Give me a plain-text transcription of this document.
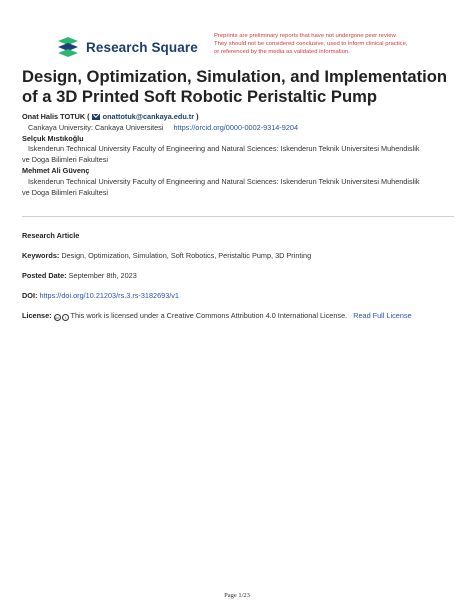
Research Square
Preprints are preliminary reports that have not undergone peer review.
They should not be considered conclusive, used to inform clinical practice,
or referenced by the media as validated information.
Design, Optimization, Simulation, and Implementation of a 3D Printed Soft Robotic Peristaltic Pump
Onat Halis TOTUK ( onattotuk@cankaya.edu.tr )
Cankaya University: Cankaya Universitesi https://orcid.org/0000-0002-9314-9204
Selçuk Mıstıkoğlu
Iskenderun Technical University Faculty of Engineering and Natural Sciences: Iskenderun Teknik Universitesi Muhendislik
ve Doga Bilimleri Fakultesi
Mehmet Ali Güvenç
Iskenderun Technical University Faculty of Engineering and Natural Sciences: Iskenderun Teknik Universitesi Muhendislik
ve Doga Bilimleri Fakultesi
Research Article
Keywords: Design, Optimization, Simulation, Soft Robotics, Peristaltic Pump, 3D Printing
Posted Date: September 8th, 2023
DOI: https://doi.org/10.21203/rs.3.rs-3182693/v1
License: cc i This work is licensed under a Creative Commons Attribution 4.0 International License. Read Full License
Page 1/23
